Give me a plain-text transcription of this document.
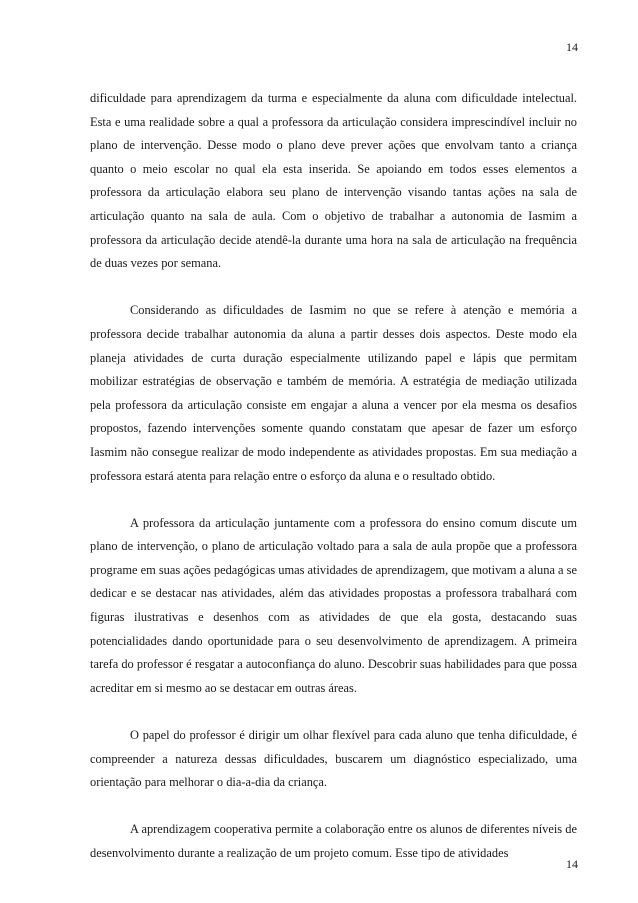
14

dificuldade para aprendizagem da turma e especialmente da aluna com dificuldade intelectual. Esta e uma realidade sobre a qual a professora da articulação considera imprescindível incluir no plano de intervenção. Desse modo o plano deve prever ações que envolvam tanto a criança quanto o meio escolar no qual ela esta inserida. Se apoiando em todos esses elementos a professora da articulação elabora seu plano de intervenção visando tantas ações na sala de articulação quanto na sala de aula. Com o objetivo de trabalhar a autonomia de Iasmim a professora da articulação decide atendê-la durante uma hora na sala de articulação na frequência de duas vezes por semana.

Considerando as dificuldades de Iasmim no que se refere à atenção e memória a professora decide trabalhar autonomia da aluna a partir desses dois aspectos. Deste modo ela planeja atividades de curta duração especialmente utilizando papel e lápis que permitam mobilizar estratégias de observação e também de memória. A estratégia de mediação utilizada pela professora da articulação consiste em engajar a aluna a vencer por ela mesma os desafios propostos, fazendo intervenções somente quando constatam que apesar de fazer um esforço Iasmim não consegue realizar de modo independente as atividades propostas. Em sua mediação a professora estará atenta para relação entre o esforço da aluna e o resultado obtido.

A professora da articulação juntamente com a professora do ensino comum discute um plano de intervenção, o plano de articulação voltado para a sala de aula propõe que a professora programe em suas ações pedagógicas umas atividades de aprendizagem, que motivam a aluna a se dedicar e se destacar nas atividades, além das atividades propostas a professora trabalhará com figuras ilustrativas e desenhos com as atividades de que ela gosta, destacando suas potencialidades dando oportunidade para o seu desenvolvimento de aprendizagem. A primeira tarefa do professor é resgatar a autoconfiança do aluno. Descobrir suas habilidades para que possa acreditar em si mesmo ao se destacar em outras áreas.

O papel do professor é dirigir um olhar flexível para cada aluno que tenha dificuldade, é compreender a natureza dessas dificuldades, buscarem um diagnóstico especializado, uma orientação para melhorar o dia-a-dia da criança.

A aprendizagem cooperativa permite a colaboração entre os alunos de diferentes níveis de desenvolvimento durante a realização de um projeto comum. Esse tipo de atividades

14
